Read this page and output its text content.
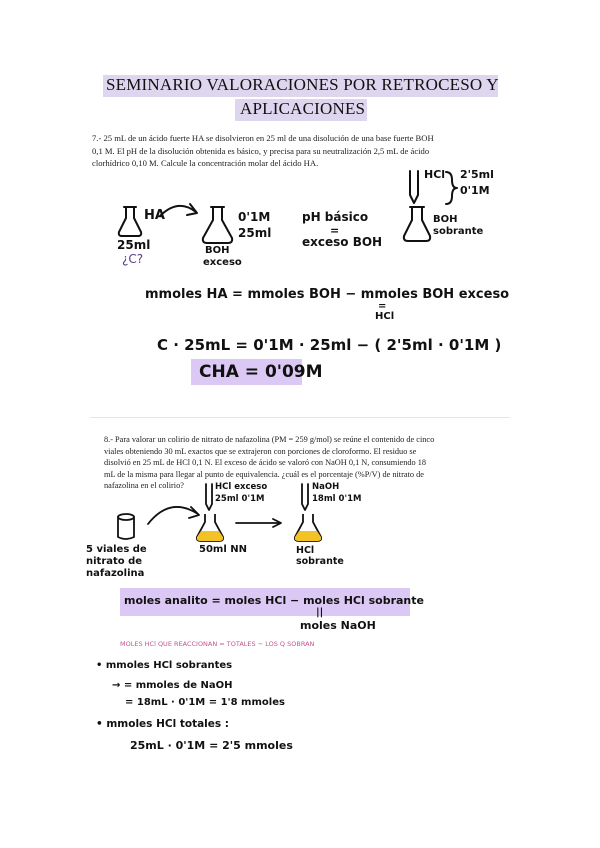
SEMINARIO VALORACIONES POR RETROCESO Y
APLICACIONES
7.- 25 mL de un ácido fuerte HA se disolvieron en 25 ml de una disolución de una base fuerte BOH
0,1 M. El pH de la disolución obtenida es básico, y precisa para su neutralización 2,5 mL de ácido
clorhídrico 0,10 M. Calcule la concentración molar del ácido HA.
HA
25ml
¿C?
0'1M
25ml
BOH
exceso
pH básico
=
exceso BOH
HCl 2'5ml
0'1M
BOH
sobrante
mmoles HA = mmoles BOH − mmoles BOH exceso
=
HCl
C · 25mL = 0'1M · 25ml − ( 2'5ml · 0'1M )
CHA = 0'09M
8.- Para valorar un colirio de nitrato de nafazolina (PM = 259 g/mol) se reúne el contenido de cinco
viales obteniendo 30 mL exactos que se extrajeron con porciones de cloroformo. El residuo se
disolvió en 25 mL de HCl 0,1 N. El exceso de ácido se valoró con NaOH 0,1 N, consumiendo 18
mL de la misma para llegar al punto de equivalencia. ¿cuál es el porcentaje (%P/V) de nitrato de
nafazolina en el colirio?
5 viales de
nitrato de
nafazolina
HCl exceso
25ml 0'1M
50ml NN
NaOH
18ml 0'1M
HCl
sobrante
moles analito = moles HCl − moles HCl sobrante
||
moles NaOH
MOLES HCl QUE REACCIONAN = TOTALES − LOS Q SOBRAN
• mmoles HCl sobrantes
→ = mmoles de NaOH
= 18mL · 0'1M = 1'8 mmoles
• mmoles HCl totales :
25mL · 0'1M = 2'5 mmoles
